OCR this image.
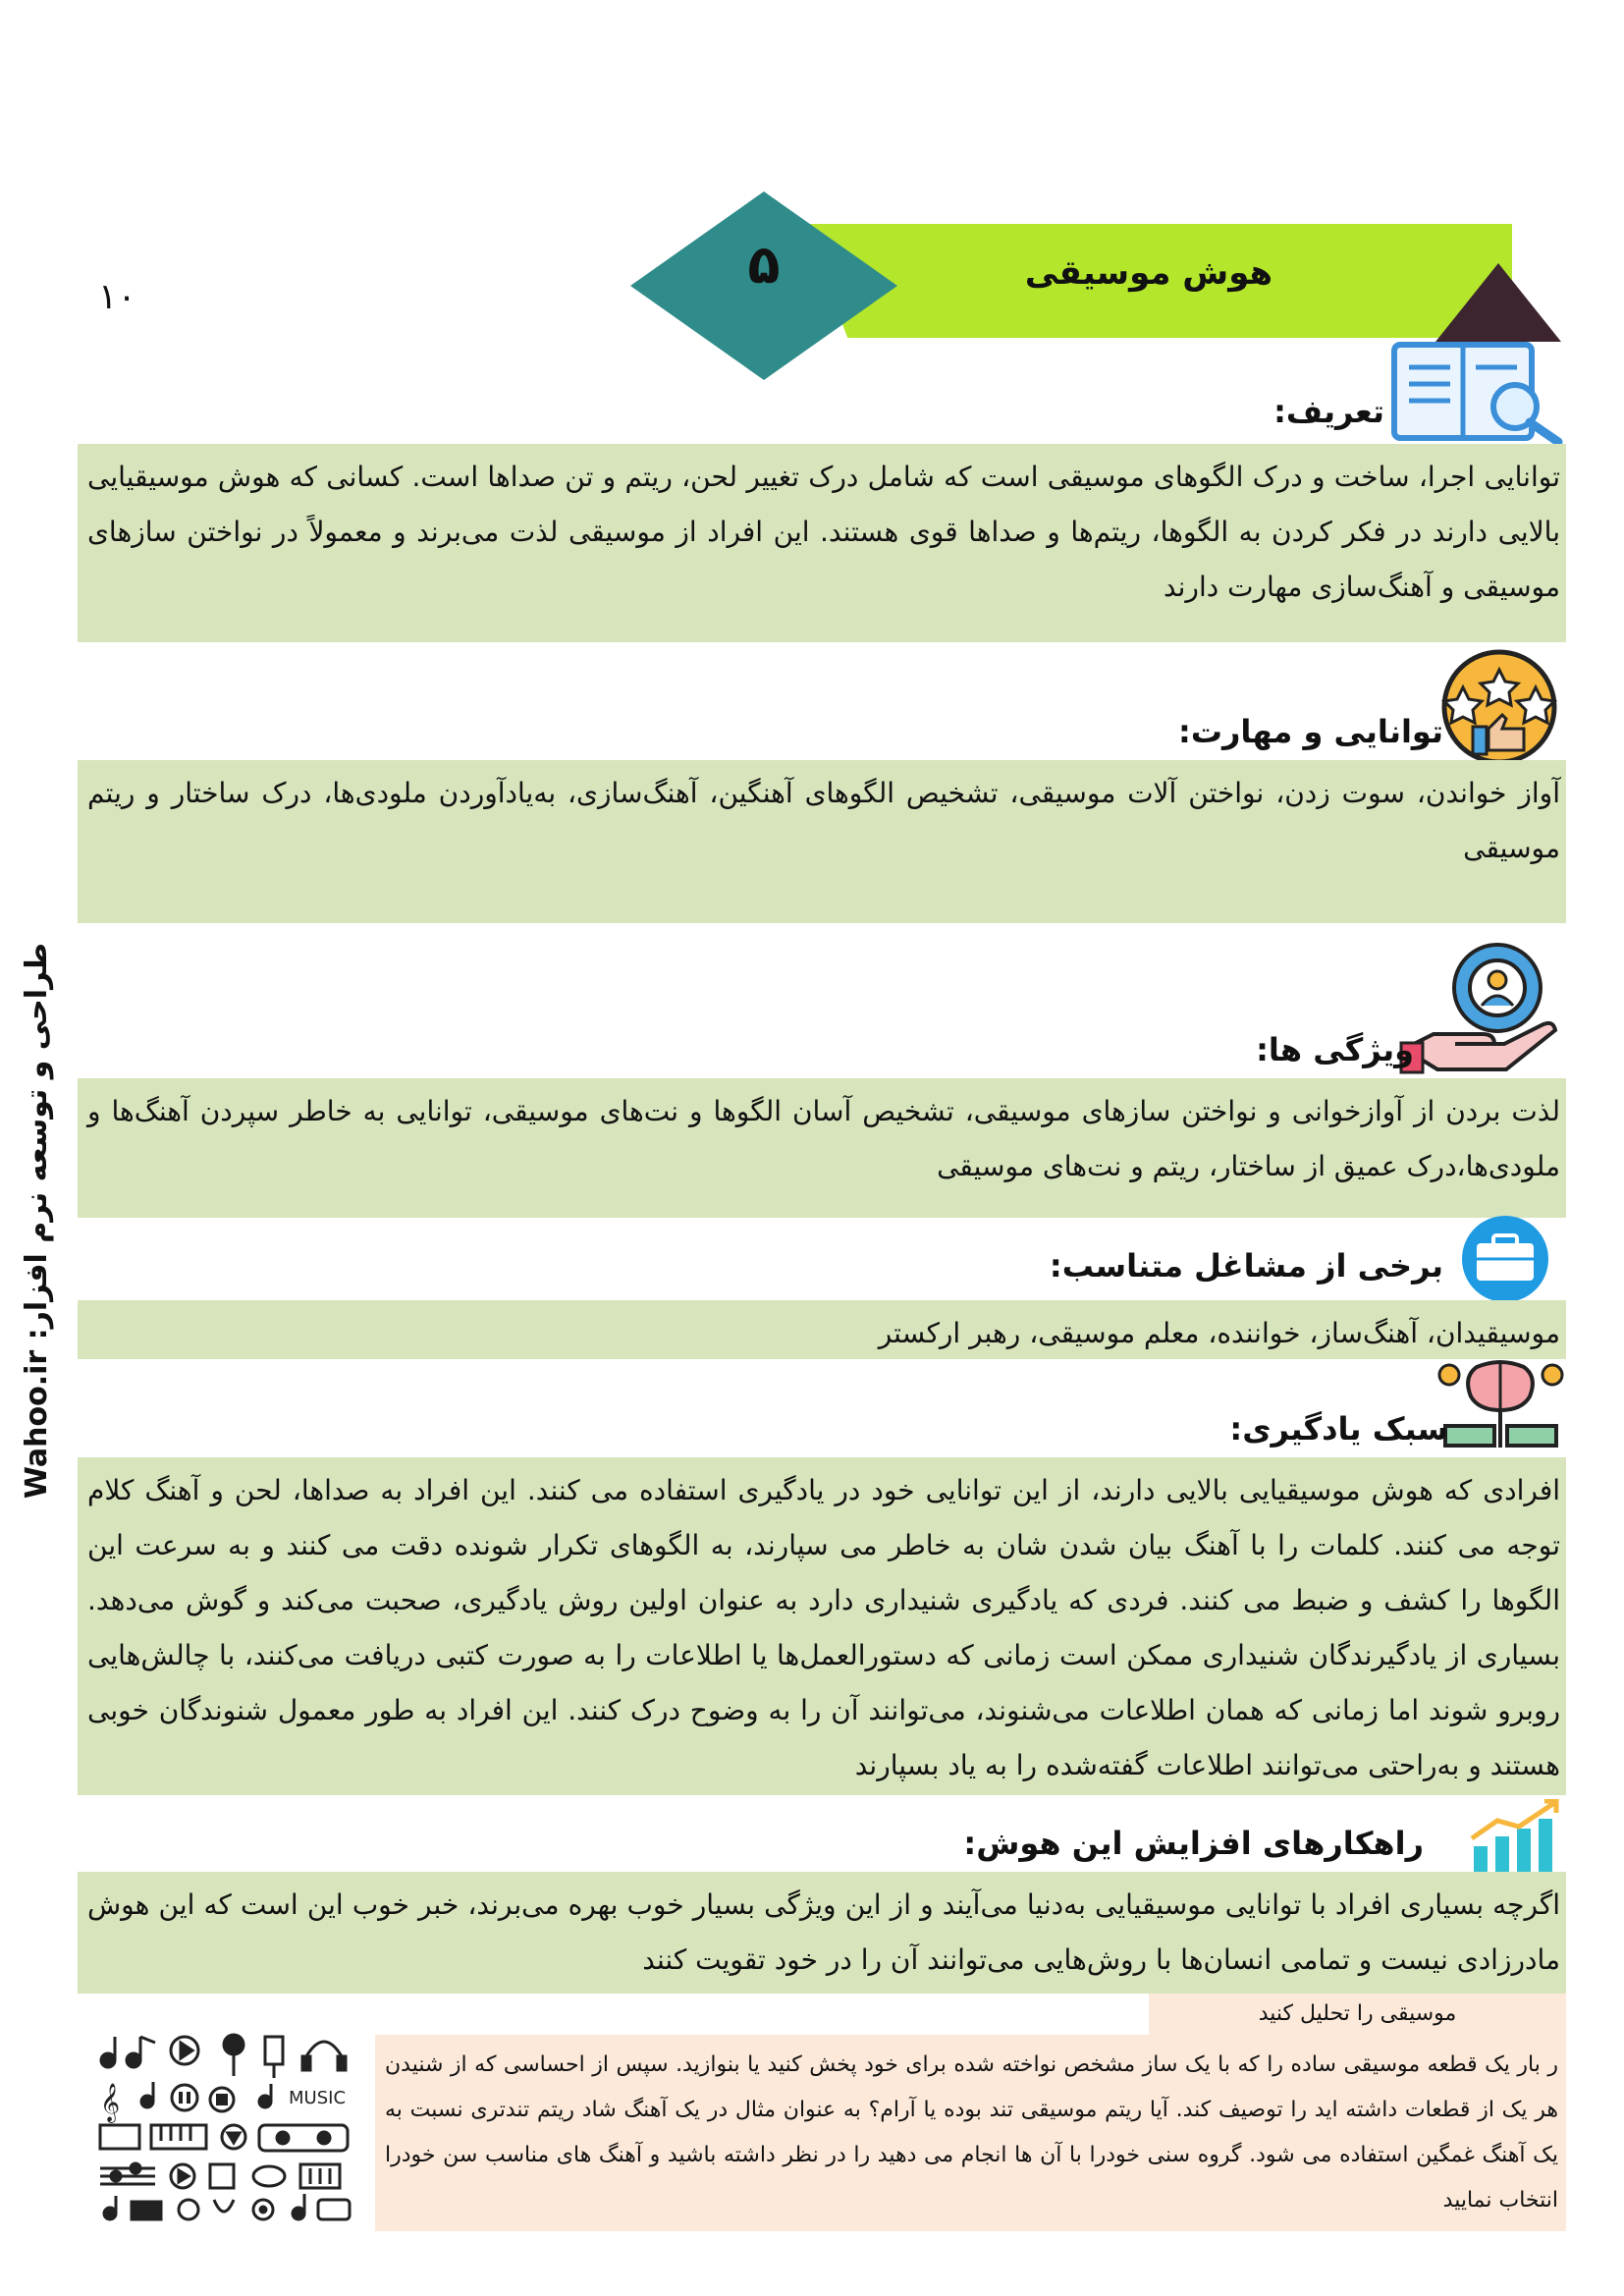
۱۰
طراحی و توسعه نرم افزار: Wahoo.ir
هوش موسیقی
۵
تعریف:
توانایی اجرا، ساخت و درک الگوهای موسیقی است که شامل درک تغییر لحن، ریتم و تن صداها است. کسانی که هوش موسیقیایی بالایی دارند در فکر کردن به الگوها، ریتم‌ها و صداها قوی هستند. این افراد از موسیقی لذت می‌برند و معمولاً در نواختن سازهای موسیقی و آهنگ‌سازی مهارت دارند
توانایی و مهارت:
آواز خواندن، سوت زدن، نواختن آلات موسیقی، تشخیص الگوهای آهنگین، آهنگ‌سازی، به‌یادآوردن ملودی‌ها، درک ساختار و ریتم موسیقی
ویژگی ها:
لذت بردن از آوازخوانی و نواختن سازهای موسیقی، تشخیص آسان الگوها و نت‌های موسیقی، توانایی به خاطر سپردن آهنگ‌ها و ملودی‌ها،درک عمیق از ساختار، ریتم و نت‌های موسیقی
برخی از مشاغل متناسب:
موسیقیدان، آهنگ‌ساز، خواننده، معلم موسیقی، رهبر ارکستر
سبک یادگیری:
افرادی که هوش موسیقیایی بالایی دارند، از این توانایی خود در یادگیری استفاده می کنند. این افراد به صداها، لحن و آهنگ کلام توجه می کنند. کلمات را با آهنگ بیان شدن شان به خاطر می سپارند، به الگوهای تکرار شونده دقت می کنند و به سرعت این الگوها را کشف و ضبط می کنند. فردی که یادگیری شنیداری دارد به عنوان اولین روش یادگیری، صحبت می‌کند و گوش می‌دهد. بسیاری از یادگیرندگان شنیداری ممکن است زمانی که دستورالعمل‌ها یا اطلاعات را به صورت کتبی دریافت می‌کنند، با چالش‌هایی روبرو شوند اما زمانی که همان اطلاعات می‌شنوند، می‌توانند آن را به وضوح درک کنند. این افراد به طور معمول شنوندگان خوبی هستند و به‌راحتی می‌توانند اطلاعات گفته‌شده را به یاد بسپارند
راهکارهای افزایش این هوش:
اگرچه بسیاری افراد با توانایی موسیقیایی به‌دنیا می‌آیند و از این ویژگی بسیار خوب بهره می‌برند، خبر خوب این است که این هوش مادرزادی نیست و تمامی انسان‌ها با روش‌هایی می‌توانند آن را در خود تقویت کنند
موسیقی را تحلیل کنید
ر بار یک قطعه موسیقی ساده را که با یک ساز مشخص نواخته شده برای خود پخش کنید یا بنوازید. سپس از احساسی که از شنیدن هر یک از قطعات داشته اید را توصیف کند. آیا ریتم موسیقی تند بوده یا آرام؟ به عنوان مثال در یک آهنگ شاد ریتم تندتری نسبت به یک آهنگ غمگین استفاده می شود. گروه سنی خودرا با آن ها انجام می دهید را در نظر داشته باشید و آهنگ های مناسب سن خودرا انتخاب نمایید
𝄞	MUSIC
